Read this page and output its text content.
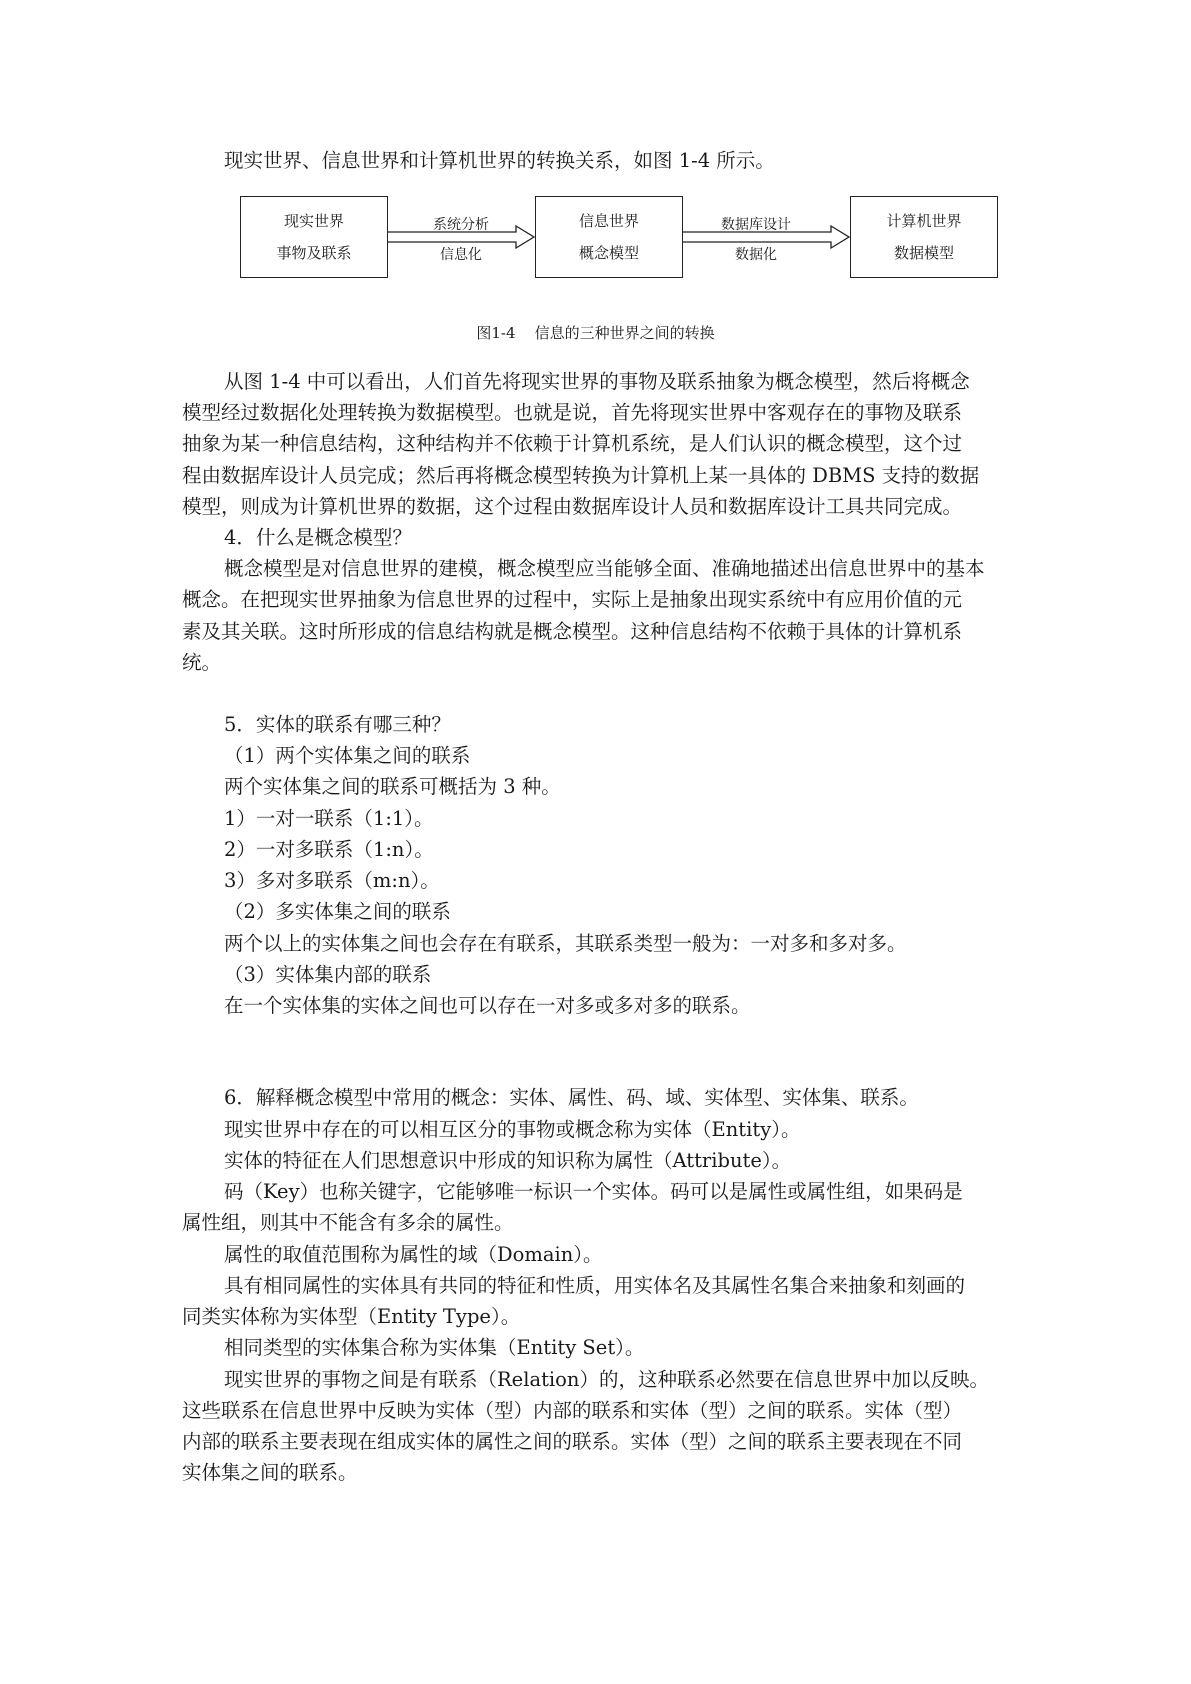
现实世界、信息世界和计算机世界的转换关系，如图 1-4 所示。
现实世界
事物及联系
系统分析
信息化
信息世界
概念模型
数据库设计
数据化
计算机世界
数据模型
图1-4    信息的三种世界之间的转换
从图 1-4 中可以看出，人们首先将现实世界的事物及联系抽象为概念模型，然后将概念
模型经过数据化处理转换为数据模型。也就是说，首先将现实世界中客观存在的事物及联系
抽象为某一种信息结构，这种结构并不依赖于计算机系统，是人们认识的概念模型，这个过
程由数据库设计人员完成；然后再将概念模型转换为计算机上某一具体的 DBMS 支持的数据
模型，则成为计算机世界的数据，这个过程由数据库设计人员和数据库设计工具共同完成。
4．什么是概念模型？
概念模型是对信息世界的建模，概念模型应当能够全面、准确地描述出信息世界中的基本
概念。在把现实世界抽象为信息世界的过程中，实际上是抽象出现实系统中有应用价值的元
素及其关联。这时所形成的信息结构就是概念模型。这种信息结构不依赖于具体的计算机系
统。
5．实体的联系有哪三种？
（1）两个实体集之间的联系
两个实体集之间的联系可概括为 3 种。
1）一对一联系（1:1）。
2）一对多联系（1:n）。
3）多对多联系（m:n）。
（2）多实体集之间的联系
两个以上的实体集之间也会存在有联系，其联系类型一般为：一对多和多对多。
（3）实体集内部的联系
在一个实体集的实体之间也可以存在一对多或多对多的联系。
6．解释概念模型中常用的概念：实体、属性、码、域、实体型、实体集、联系。
现实世界中存在的可以相互区分的事物或概念称为实体（Entity）。
实体的特征在人们思想意识中形成的知识称为属性（Attribute）。
码（Key）也称关键字，它能够唯一标识一个实体。码可以是属性或属性组，如果码是
属性组，则其中不能含有多余的属性。
属性的取值范围称为属性的域（Domain）。
具有相同属性的实体具有共同的特征和性质，用实体名及其属性名集合来抽象和刻画的
同类实体称为实体型（Entity Type）。
相同类型的实体集合称为实体集（Entity Set）。
现实世界的事物之间是有联系（Relation）的，这种联系必然要在信息世界中加以反映。
这些联系在信息世界中反映为实体（型）内部的联系和实体（型）之间的联系。实体（型）
内部的联系主要表现在组成实体的属性之间的联系。实体（型）之间的联系主要表现在不同
实体集之间的联系。
